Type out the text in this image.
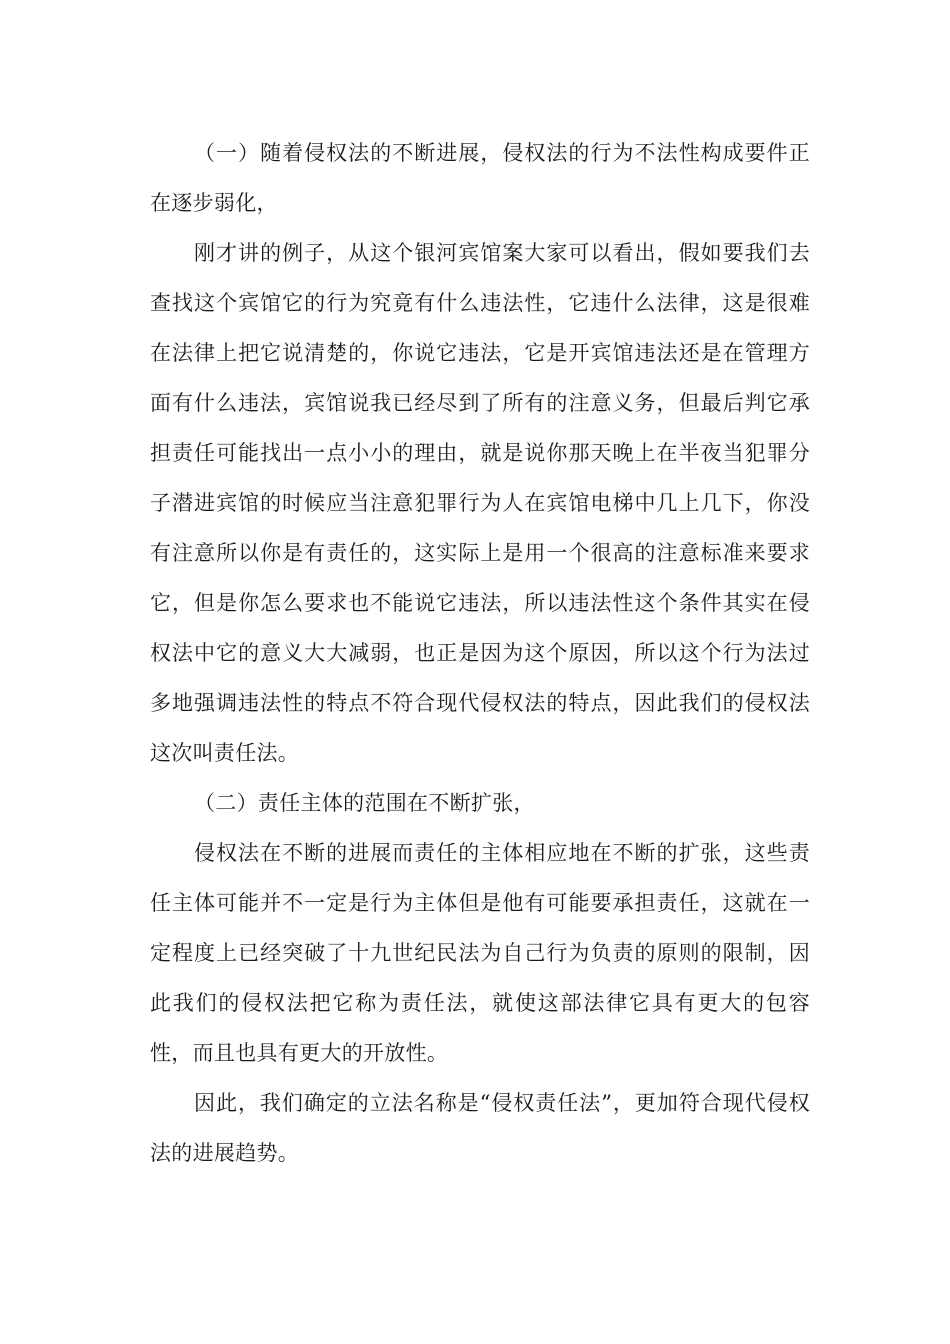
（一）随着侵权法的不断进展，侵权法的行为不法性构成要件正在逐步弱化，

刚才讲的例子，从这个银河宾馆案大家可以看出，假如要我们去查找这个宾馆它的行为究竟有什么违法性，它违什么法律，这是很难在法律上把它说清楚的，你说它违法，它是开宾馆违法还是在管理方面有什么违法，宾馆说我已经尽到了所有的注意义务，但最后判它承担责任可能找出一点小小的理由，就是说你那天晚上在半夜当犯罪分子潜进宾馆的时候应当注意犯罪行为人在宾馆电梯中几上几下，你没有注意所以你是有责任的，这实际上是用一个很高的注意标准来要求它，但是你怎么要求也不能说它违法，所以违法性这个条件其实在侵权法中它的意义大大减弱，也正是因为这个原因，所以这个行为法过多地强调违法性的特点不符合现代侵权法的特点，因此我们的侵权法这次叫责任法。

（二）责任主体的范围在不断扩张，

侵权法在不断的进展而责任的主体相应地在不断的扩张，这些责任主体可能并不一定是行为主体但是他有可能要承担责任，这就在一定程度上已经突破了十九世纪民法为自己行为负责的原则的限制，因此我们的侵权法把它称为责任法，就使这部法律它具有更大的包容性，而且也具有更大的开放性。

因此，我们确定的立法名称是“侵权责任法”，更加符合现代侵权法的进展趋势。
